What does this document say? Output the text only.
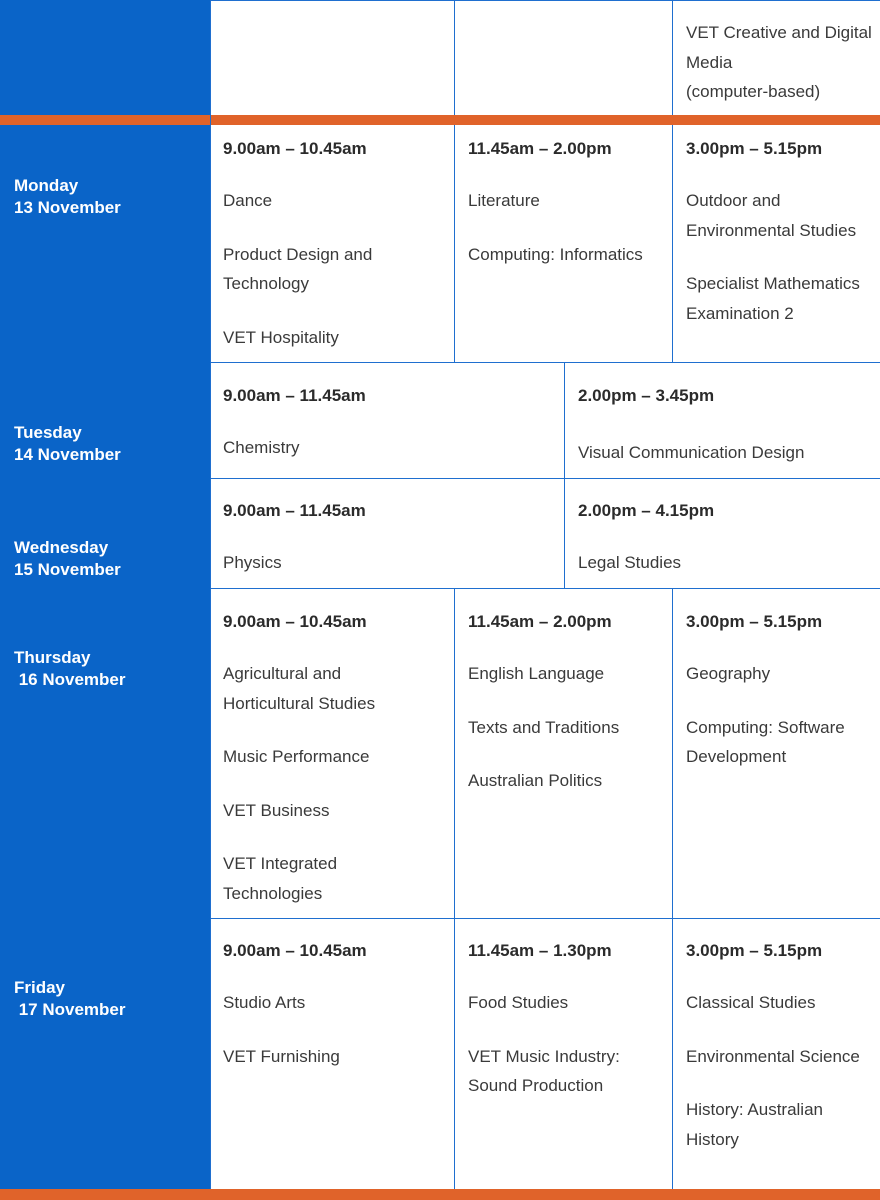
VET Creative and Digital
Media
(computer-based)

Monday
13 November

Tuesday
14 November

Wednesday
15 November

Thursday
16 November

Friday
17 November

9.00am – 10.45am
Dance
Product Design and
Technology
VET Hospitality
11.45am – 2.00pm
Literature
Computing: Informatics
3.00pm – 5.15pm
Outdoor and
Environmental Studies
Specialist Mathematics
Examination 2
9.00am – 11.45am
Chemistry
2.00pm – 3.45pm
Visual Communication Design
9.00am – 11.45am
Physics
2.00pm – 4.15pm
Legal Studies
9.00am – 10.45am
Agricultural and
Horticultural Studies
Music Performance
VET Business
VET Integrated
Technologies
11.45am – 2.00pm
English Language
Texts and Traditions
Australian Politics
3.00pm – 5.15pm
Geography
Computing: Software
Development
9.00am – 10.45am
Studio Arts
VET Furnishing
11.45am – 1.30pm
Food Studies
VET Music Industry:
Sound Production
3.00pm – 5.15pm
Classical Studies
Environmental Science
History: Australian
History
